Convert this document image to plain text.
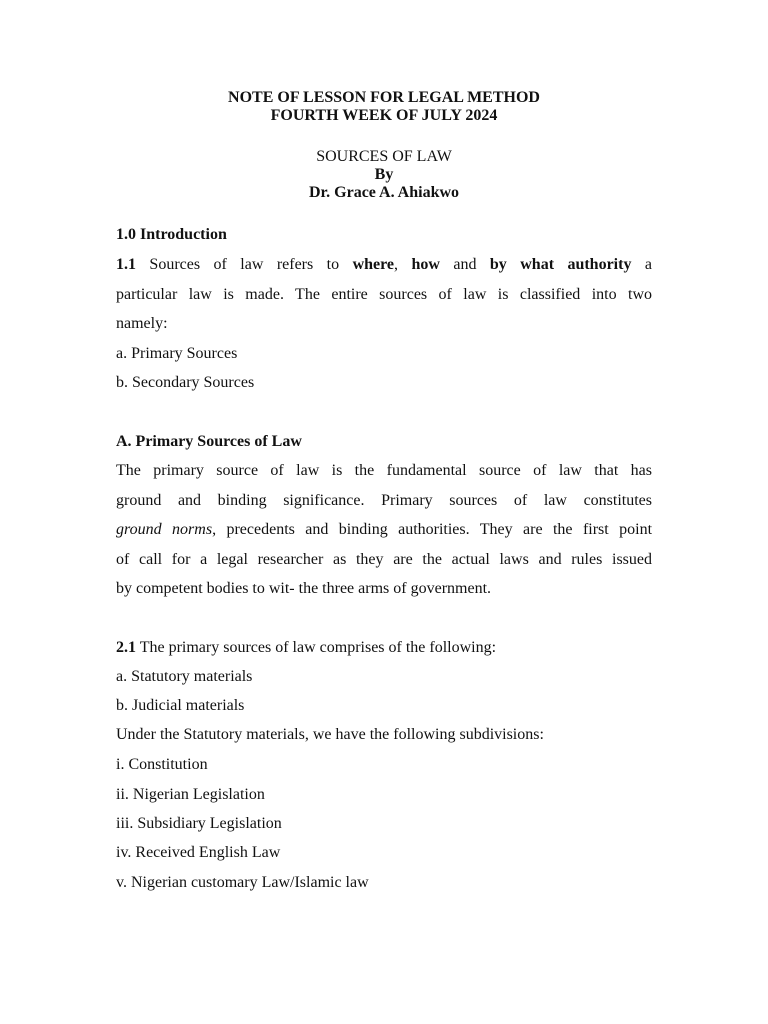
NOTE OF LESSON FOR LEGAL METHOD
FOURTH WEEK OF JULY 2024
SOURCES OF LAW
By
Dr. Grace A. Ahiakwo
1.0 Introduction
1.1 Sources of law refers to where, how and by what authority a
particular law is made. The entire sources of law is classified into two
namely:
a. Primary Sources
b. Secondary Sources
A. Primary Sources of Law
The primary source of law is the fundamental source of law that has
ground and binding significance. Primary sources of law constitutes
ground norms, precedents and binding authorities. They are the first point
of call for a legal researcher as they are the actual laws and rules issued
by competent bodies to wit- the three arms of government.
2.1 The primary sources of law comprises of the following:
a. Statutory materials
b. Judicial materials
Under the Statutory materials, we have the following subdivisions:
i. Constitution
ii. Nigerian Legislation
iii. Subsidiary Legislation
iv. Received English Law
v. Nigerian customary Law/Islamic law
